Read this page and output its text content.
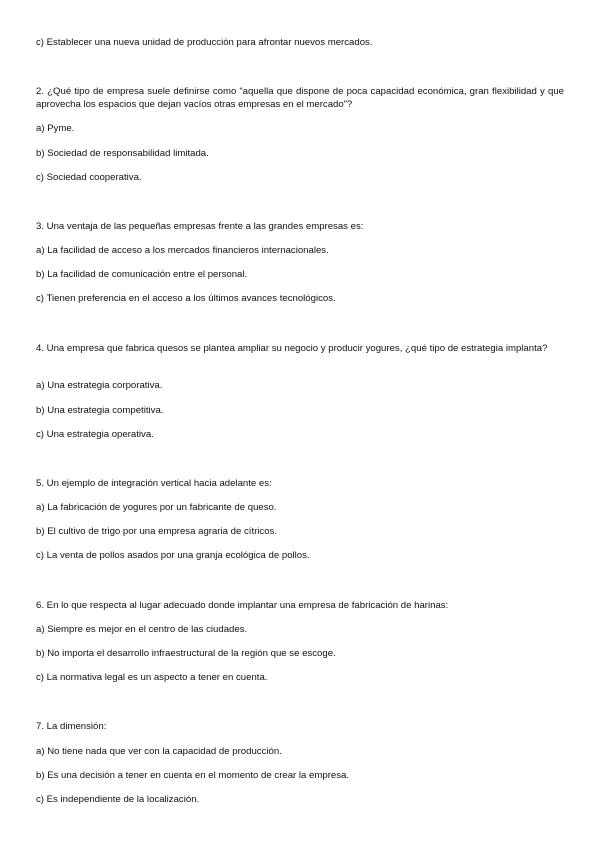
c) Establecer una nueva unidad de producción para afrontar nuevos mercados.
2. ¿Qué tipo de empresa suele definirse como “aquella que dispone de poca capacidad económica, gran flexibilidad y que aprovecha los espacios que dejan vacíos otras empresas en el mercado”?
a) Pyme.
b) Sociedad de responsabilidad limitada.
c) Sociedad cooperativa.
3. Una ventaja de las pequeñas empresas frente a las grandes empresas es:
a) La facilidad de acceso a los mercados financieros internacionales.
b) La facilidad de comunicación entre el personal.
c) Tienen preferencia en el acceso a los últimos avances tecnológicos.
4. Una empresa que fabrica quesos se plantea ampliar su negocio y producir yogures, ¿qué tipo de estrategia implanta?
a) Una estrategia corporativa.
b) Una estrategia competitiva.
c) Una estrategia operativa.
5. Un ejemplo de integración vertical hacia adelante es:
a) La fabricación de yogures por un fabricante de queso.
b) El cultivo de trigo por una empresa agraria de cítricos.
c) La venta de pollos asados por una granja ecológica de pollos.
6. En lo que respecta al lugar adecuado donde implantar una empresa de fabricación de harinas:
a) Siempre es mejor en el centro de las ciudades.
b) No importa el desarrollo infraestructural de la región que se escoge.
c) La normativa legal es un aspecto a tener en cuenta.
7. La dimensión:
a) No tiene nada que ver con la capacidad de producción.
b) Es una decisión a tener en cuenta en el momento de crear la empresa.
c) Es independiente de la localización.
